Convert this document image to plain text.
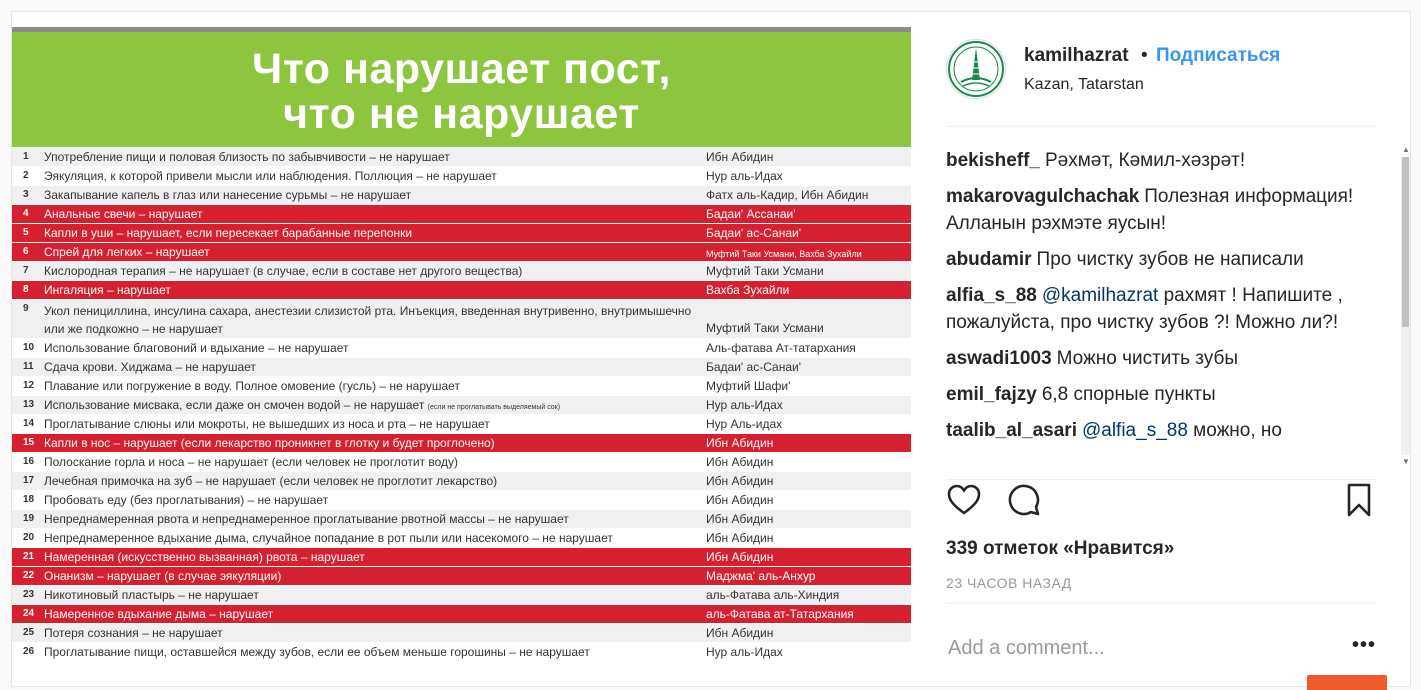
Что нарушает пост,
что не нарушает
1	Употребление пищи и половая близость по забывчивости – не нарушает	Ибн Абидин
2	Эякуляция, к которой привели мысли или наблюдения. Поллюция – не нарушает	Нур аль-Идах
3	Закапывание капель в глаз или нанесение сурьмы – не нарушает	Фатх аль-Кадир, Ибн Абидин
4	Анальные свечи – нарушает	Бадаи' Ассанаи'
5	Капли в уши – нарушает, если пересекает барабанные перепонки	Бадаи' ас-Санаи'
6	Спрей для легких – нарушает	Муфтий Таки Усмани, Вахба Зухайли
7	Кислородная терапия – не нарушает (в случае, если в составе нет другого вещества)	Муфтий Таки Усмани
8	Ингаляция – нарушает	Вахба Зухайли
9	Укол пенициллина, инсулина сахара, анестезии слизистой рта. Инъекция, введенная внутривенно, внутримышечно или же подкожно – не нарушает	Муфтий Таки Усмани
10 Использование благовоний и вдыхание – не нарушает	Аль-фатава Ат-татархания
11 Сдача крови. Хиджама – не нарушает	Бадаи' ас-Санаи'
12 Плавание или погружение в воду. Полное омовение (гусль) – не нарушает	Муфтий Шафи'
13 Использование мисвака, если даже он смочен водой – не нарушает (если не проглатывать выделяемый сок)	Нур аль-Идах
14 Проглатывание слюны или мокроты, не вышедших из носа и рта – не нарушает	Нур Аль-идах
15 Капли в нос – нарушает (если лекарство проникнет в глотку и будет проглочено)	Ибн Абидин
16 Полоскание горла и носа – не нарушает (если человек не проглотит воду)	Ибн Абидин
17 Лечебная примочка на зуб – не нарушает (если человек не проглотит лекарство)	Ибн Абидин
18 Пробовать еду (без проглатывания) – не нарушает	Ибн Абидин
19 Непреднамеренная рвота и непреднамеренное проглатывание рвотной массы – не нарушает	Ибн Абидин
20 Непреднамеренное вдыхание дыма, случайное попадание в рот пыли или насекомого – не нарушает	Ибн Абидин
21 Намеренная (искусственно вызванная) рвота – нарушает	Ибн Абидин
22 Онанизм – нарушает (в случае эякуляции)	Маджма' аль-Анхур
23 Никотиновый пластырь – не нарушает	аль-Фатава аль-Хиндия
24 Намеренное вдыхание дыма – нарушает	аль-Фатава ат-Татархания
25 Потеря сознания – не нарушает	Ибн Абидин
26 Проглатывание пищи, оставшейся между зубов, если ее объем меньше горошины – не нарушает	Нур аль-Идах
kamilhazrat • Подписаться
Kazan, Tatarstan
bekisheff_ Рәхмәт, Кәмил-хәзрәт!
makarovagulchachak Полезная информация!Алланын рэхмэте яусын!
abudamir Про чистку зубов не написали
alfia_s_88 @kamilhazrat рахмят ! Напишите , пожалуйста, про чистку зубов ?! Можно ли?!
aswadi1003 Можно чистить зубы
emil_fajzy 6,8 спорные пункты
taalib_al_asari @alfia_s_88 можно, но
▲
▼
339 отметок «Нравится»
23 ЧАСОВ НАЗАД
Add a comment...
•••
